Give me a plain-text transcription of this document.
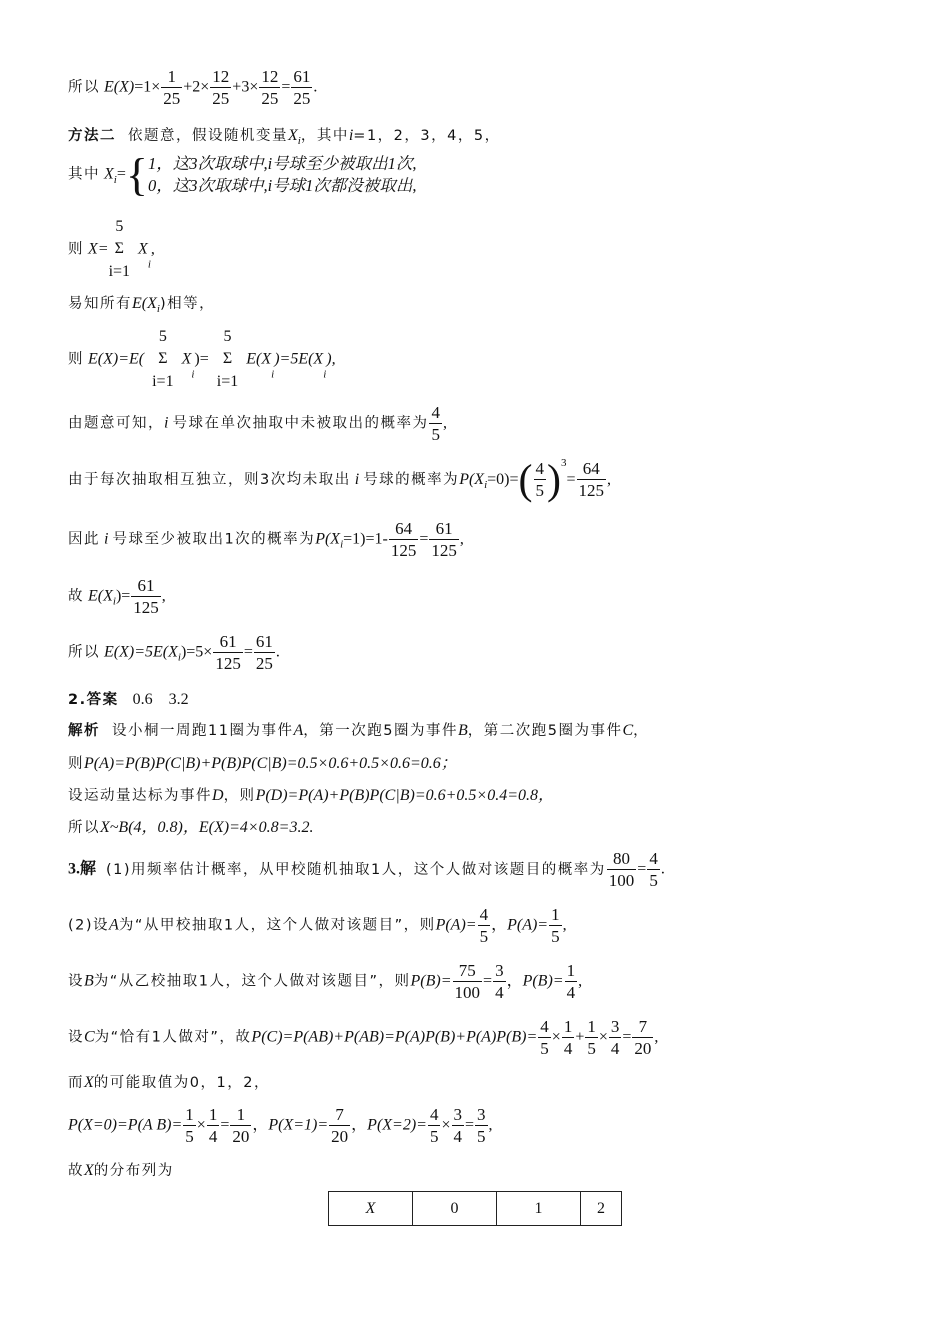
所以 $E(X)=1\times \frac{1}{25} +2\times \frac{12}{25} +3\times \frac{12}{25} = \frac{61}{25}$ .
方法二 依题意，假设随机变量$X_i$，其中i=1，2，3，4，5，
其中 $X_i=${ 1，这3次取球中,i号球至少被取出1次,
0，这3次取球中,i号球1次都没被取出,
则 X=
5
Σ
i=1
$X_i$,
易知所有$E(X_i)$相等，
则 E(X)=E(
5
Σ
i=1
$X_i)=$
5
Σ
i=1
$E(X_i)=5E(X_i)$,
由题意可知，i 号球在单次抽取中未被取出的概率为 $\frac{4}{5}$ ,
由于每次抽取相互独立，则3次均未取出 i 号球的概率为$P(X_i=0)=( \frac{4}{5} )^3= \frac{64}{125}$ ,
因此 i 号球至少被取出1次的概率为$P(X_i=1)=1- \frac{64}{125} = \frac{61}{125}$ ,
故 $E(X_i)= \frac{61}{125}$ ,
所以 $E(X)=5E(X_i)=5\times \frac{61}{125} = \frac{61}{25}$ .
2.答案 0.6　3.2
解析 设小桐一周跑11圈为事件A，第一次跑5圈为事件B，第二次跑5圈为事件C，
则P(A)=P(B)P(C|B)+P(B)P(C|B)=0.5×0.6+0.5×0.6=0.6；
设运动量达标为事件D，则P(D)=P(A)+P(B)P(C|B)=0.6+0.5×0.4=0.8，
所以X~B(4，0.8)，E(X)=4×0.8=3.2.
3.解 (1)用频率估计概率，从甲校随机抽取1人，这个人做对该题目的概率为 $\frac{80}{100} = \frac{4}{5}$ .
(2)设A为“从甲校抽取1人，这个人做对该题目”，则$P(A)= \frac{4}{5}$ ，$P(A)= \frac{1}{5}$ ,
设B为“从乙校抽取1人，这个人做对该题目”，则$P(B)= \frac{75}{100} = \frac{3}{4}$ ，$P(B)= \frac{1}{4}$ ,
设C为“恰有1人做对”，故$P(C)=P(AB)+P(AB)=P(A)P(B)+P(A)P(B)= \frac{4}{5} \times \frac{1}{4} + \frac{1}{5} \times \frac{3}{4} = \frac{7}{20}$ ,
而X的可能取值为0，1，2，
P(X=0)=P(A $B)= \frac{1}{5} \times \frac{1}{4} = \frac{1}{20}$ ，$P(X=1)= \frac{7}{20}$ ，$P(X=2)= \frac{4}{5} \times \frac{3}{4} = \frac{3}{5}$ ,
故X的分布列为
X	0	1	2
